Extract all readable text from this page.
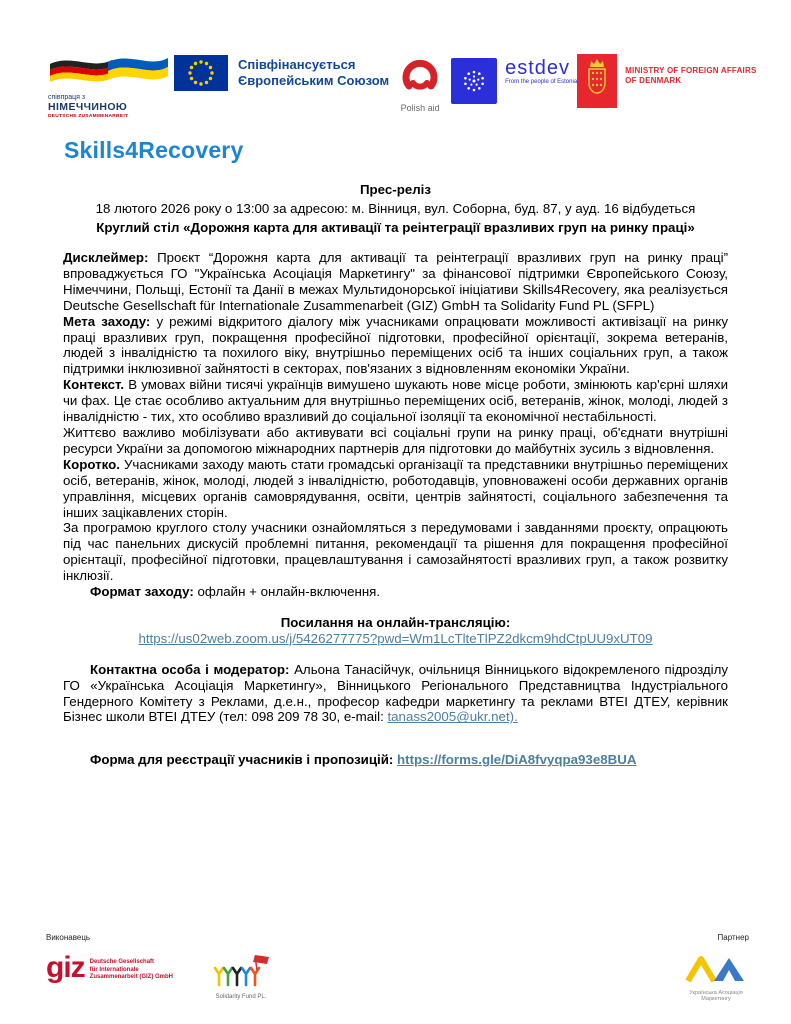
співпраця з
НІМЕЧЧИНОЮ
DEUTSCHE ZUSAMMENARBEIT
Співфінансується
Європейським Союзом
Polish aid
estdev
From the people of Estonia
MINISTRY OF FOREIGN AFFAIRS
OF DENMARK
Skills4Recovery

Прес-реліз

18 лютого 2026 року о 13:00 за адресою: м. Вінниця, вул. Соборна, буд. 87, у ауд. 16 відбудеться

Круглий стіл «Дорожня карта для активації та реінтеграції вразливих груп на ринку праці»

Дисклеймер: Проєкт “Дорожня карта для активації та реінтеграції вразливих груп на ринку праці” впроваджується ГО "Українська Асоціація Маркетингу" за фінансової підтримки Європейського Союзу, Німеччини, Польщі, Естонії та Данії в межах Мультидонорської ініціативи Skills4Recovery, яка реалізується Deutsche Gesellschaft für Internationale Zusammenarbeit (GIZ) GmbH та Solidarity Fund PL (SFPL)

Мета заходу: у режимі відкритого діалогу між учасниками опрацювати можливості активізації на ринку праці вразливих груп, покращення професійної підготовки, професійної орієнтації, зокрема ветеранів, людей з інвалідністю та похилого віку, внутрішньо переміщених осіб та інших соціальних груп, а також підтримки інклюзивної зайнятості в секторах, пов'язаних з відновленням економіки України.

Контекст. В умовах війни тисячі українців вимушено шукають нове місце роботи, змінюють кар'єрні шляхи чи фах. Це стає особливо актуальним для внутрішньо переміщених осіб, ветеранів, жінок, молоді, людей з інвалідністю - тих, хто особливо вразливий до соціальної ізоляції та економічної нестабільності.

Життєво важливо мобілізувати або активувати всі соціальні групи на ринку праці, об'єднати внутрішні ресурси України за допомогою міжнародних партнерів для підготовки до майбутніх зусиль з відновлення.

Коротко. Учасниками заходу мають стати громадські організації та представники внутрішньо переміщених осіб, ветеранів, жінок, молоді, людей з інвалідністю, роботодавців, уповноважені особи державних органів управління, місцевих органів самоврядування, освіти, центрів зайнятості, соціального забезпечення та інших зацікавлених сторін.

За програмою круглого столу учасники ознайомляться з передумовами і завданнями проєкту, опрацюють під час панельних дискусій проблемні питання, рекомендації та рішення для покращення професійної орієнтації, професійної підготовки, працевлаштування і самозайнятості вразливих груп, а також розвитку інклюзії.

Формат заходу: офлайн + онлайн-включення.

Посилання на онлайн-трансляцію:

https://us02web.zoom.us/j/5426277775?pwd=Wm1LcTlteTlPZ2dkcm9hdCtpUU9xUT09

Контактна особа і модератор: Альона Танасійчук, очільниця Вінницького відокремленого підрозділу ГО «Українська Асоціація Маркетингу», Вінницького Регіонального Представництва Індустріального Гендерного Комітету з Реклами, д.е.н., професор кафедри маркетингу та реклами ВТЕІ ДТЕУ, керівник Бізнес школи ВТЕІ ДТЕУ (тел: 098 209 78 30, e-mail: tanass2005@ukr.net).

Форма для реєстрації учасників і пропозицій: https://forms.gle/DiA8fvyqpa93e8BUA

Виконавець
giz Deutsche Gesellschaft
für Internationale
Zusammenarbeit (GIZ) GmbH
Solidarity Fund PL.
Партнер
Українська Асоціація Маркетингу
